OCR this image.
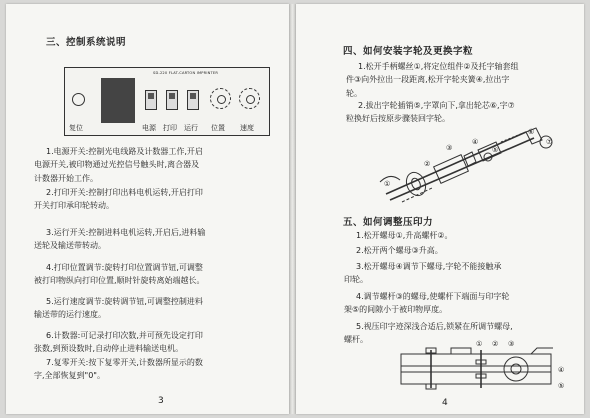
三、控制系统说明
SD-220 FLAT-CARTON IMPRINTER
复位	电源 打印 运行 位置 速度
1.电源开关:控制光电线路及计数器工作,开启
电源开关,被印物通过光控信号触头时,离合器及
计数器开始工作。
2.打印开关:控制打印出料电机运转,开启打印
开关打印承印轮转动。
3.运行开关:控制进料电机运转,开启后,进料输
送轮及输送带转动。
4.打印位置调节:旋转打印位置调节钮,可调整
被打印物纵向打印位置,顺时针旋转离始端越长。
5.运行速度调节:旋转调节钮,可调整控制进料
输送带的运行速度。
6.计数器:可记录打印次数,并可预先设定打印
张数,到预设数时,自动停止进料输送电机。
7.复零开关:按下复零开关,计数器所显示的数
字,全部恢复到"0"。
3
四、如何安装字轮及更换字粒
1.松开手柄螺丝①,将定位组件②及托字轴套组
件③向外拉出一段距离,松开字轮夹簧④,拉出字
轮。
2.拔出字轮插销⑤,字罩向下,拿出轮芯⑥,字⑦
粒换好后按原步骤装回字轮。
①
②
③
④
⑤
⑥
⑦
五、如何调整压印力
1.松开螺母①,升高螺杆②。
2.松开两个螺母③升高。
3.松开螺母④调节下螺母,字轮不能接触承
印轮。
4.调节螺杆③的螺母,使螺杆下端面与印字轮
架⑤的间隙小于被印物厚度。
5.视压印字迹深浅合适后,锁紧在所调节螺母,
螺杆。	① ② ③
④
⑤
4
